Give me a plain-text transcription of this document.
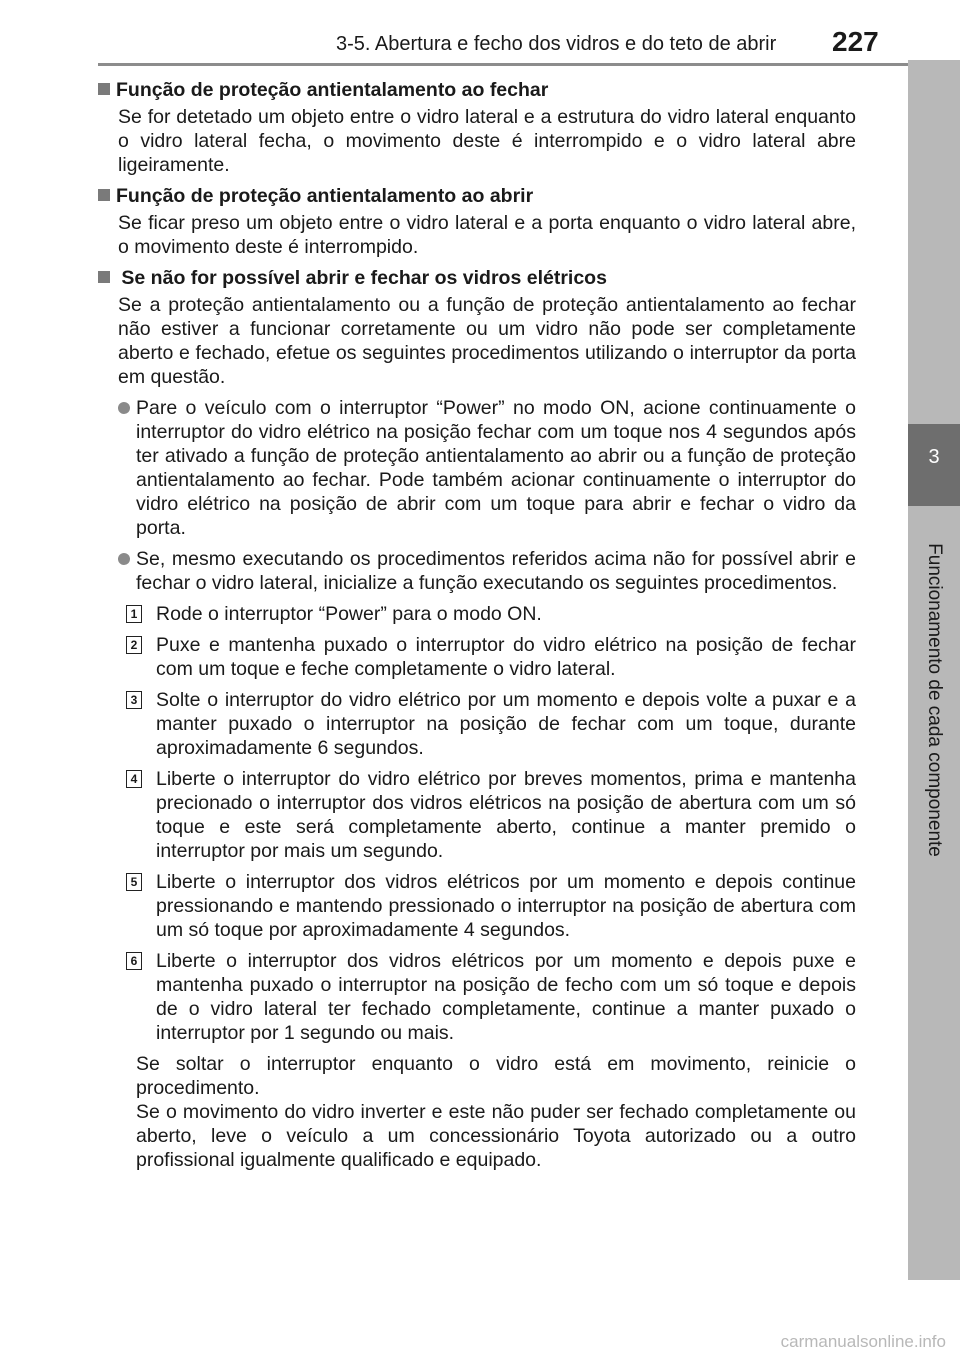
3-5. Abertura e fecho dos vidros e do teto de abrir 227
3
Funcionamento de cada componente
Função de proteção antientalamento ao fechar
Se for detetado um objeto entre o vidro lateral e a estrutura do vidro lateral enquanto o vidro lateral fecha, o movimento deste é interrompido e o vidro lateral abre ligeiramente.
Função de proteção antientalamento ao abrir
Se ficar preso um objeto entre o vidro lateral e a porta enquanto o vidro lateral abre, o movimento deste é interrompido.
Se não for possível abrir e fechar os vidros elétricos
Se a proteção antientalamento ou a função de proteção antientalamento ao fechar não estiver a funcionar corretamente ou um vidro não pode ser completamente aberto e fechado, efetue os seguintes procedimentos utilizando o interruptor da porta em questão.
Pare o veículo com o interruptor “Power” no modo ON, acione continuamente o interruptor do vidro elétrico na posição fechar com um toque nos 4 segundos após ter ativado a função de proteção antientalamento ao abrir ou a função de proteção antientalamento ao fechar. Pode também acionar continuamente o interruptor do vidro elétrico na posição de abrir com um toque para abrir e fechar o vidro da porta.
Se, mesmo executando os procedimentos referidos acima não for possível abrir e fechar o vidro lateral, inicialize a função executando os seguintes procedimentos.
1 Rode o interruptor “Power” para o modo ON.
2 Puxe e mantenha puxado o interruptor do vidro elétrico na posição de fechar com um toque e feche completamente o vidro lateral.
3 Solte o interruptor do vidro elétrico por um momento e depois volte a puxar e a manter puxado o interruptor na posição de fechar com um toque, durante aproximadamente 6 segundos.
4 Liberte o interruptor do vidro elétrico por breves momentos, prima e mantenha precionado o interruptor dos vidros elétricos na posição de abertura com um só toque e este será completamente aberto, continue a manter premido o interruptor por mais um segundo.
5 Liberte o interruptor dos vidros elétricos por um momento e depois continue pressionando e mantendo pressionado o interruptor na posição de abertura com um só toque por aproximadamente 4 segundos.
6 Liberte o interruptor dos vidros elétricos por um momento e depois puxe e mantenha puxado o interruptor na posição de fecho com um só toque e depois de o vidro lateral ter fechado completamente, continue a manter puxado o interruptor por 1 segundo ou mais.
Se soltar o interruptor enquanto o vidro está em movimento, reinicie o procedimento.
Se o movimento do vidro inverter e este não puder ser fechado completamente ou aberto, leve o veículo a um concessionário Toyota autorizado ou a outro profissional igualmente qualificado e equipado.
carmanualsonline.info
